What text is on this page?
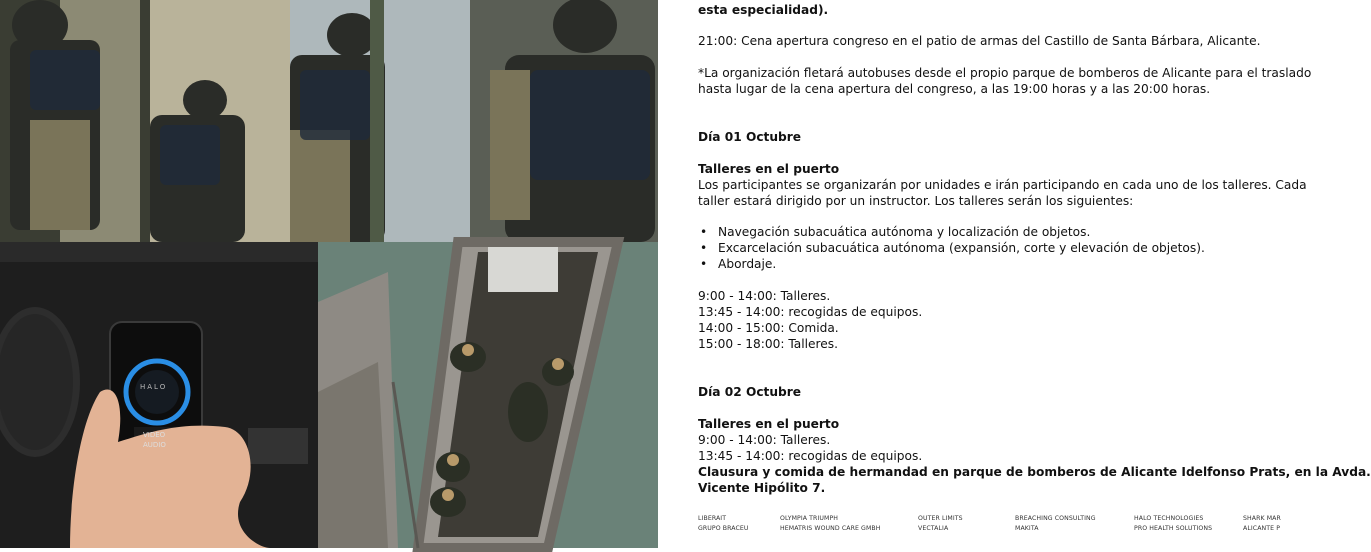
HALO
VIDEO
AUDIO
esta especialidad).
21:00: Cena apertura congreso en el patio de armas del Castillo de Santa Bárbara, Alicante.
*La organización fletará autobuses desde el propio parque de bomberos de Alicante para el traslado
hasta lugar de la cena apertura del congreso, a las 19:00 horas y a las 20:00 horas.
Día 01 Octubre
Talleres en el puerto
Los participantes se organizarán por unidades e irán participando en cada uno de los talleres. Cada
taller estará dirigido por un instructor. Los talleres serán los siguientes:
• Navegación subacuática autónoma y localización de objetos.
• Excarcelación subacuática autónoma (expansión, corte y elevación de objetos).
• Abordaje.
9:00 - 14:00: Talleres.
13:45 - 14:00: recogidas de equipos.
14:00 - 15:00: Comida.
15:00 - 18:00: Talleres.
Día 02 Octubre
Talleres en el puerto
9:00 - 14:00: Talleres.
13:45 - 14:00: recogidas de equipos.
Clausura y comida de hermandad en parque de bomberos de Alicante Idelfonso Prats, en la Avda.
Vicente Hipólito 7.
LIBERAIT
GRUPO BRACEU
OLYMPIA TRIUMPH
HEMATRIS WOUND CARE GMBH
OUTER LIMITS
VECTALIA
BREACHING CONSULTING
MAKITA
HALO TECHNOLOGIES
PRO HEALTH SOLUTIONS
SHARK MAR
ALICANTE P
